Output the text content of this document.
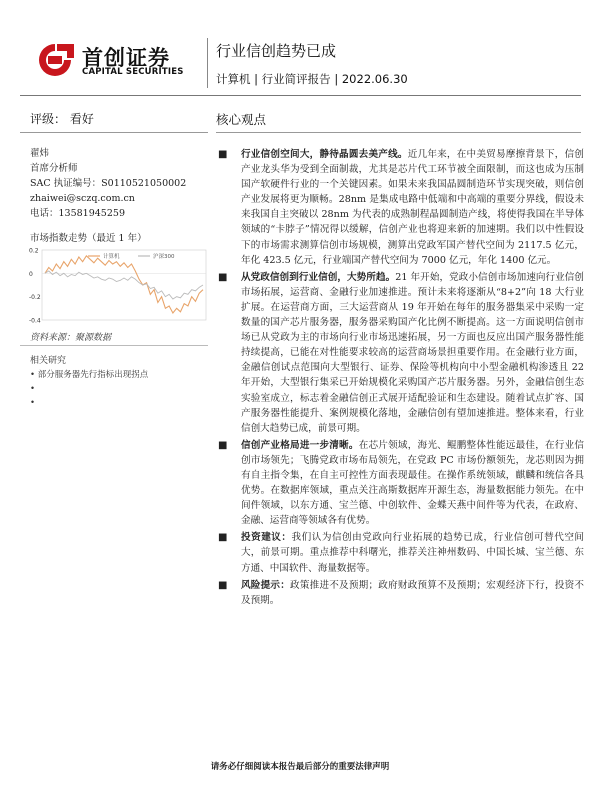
首创证券
CAPITAL SECURITIES
行业信创趋势已成
计算机 | 行业简评报告 | 2022.06.30
评级： 看好	核心观点
翟炜
首席分析师
SAC 执证编号：S0110521050002
zhaiwei@sczq.com.cn
电话：13581945259
市场指数走势（最近 1 年）
0.2
0
-0.2
-0.4
计算机	沪深300
资料来源：聚源数据
相关研究
• 部分服务器先行指标出现拐点
•
•
■ 行业信创空间大，静待晶圆去美产线。近几年来，在中美贸易摩擦背景下，信创产业龙头华为受到全面制裁，尤其是芯片代工环节被全面限制，而这也成为压制国产软硬件行业的一个关键因素。如果未来我国晶圆制造环节实现突破，则信创产业发展将更为顺畅。28nm 是集成电路中低端和中高端的重要分界线，假设未来我国自主突破以 28nm 为代表的成熟制程晶圆制造产线，将使得我国在半导体领域的“卡脖子”情况得以缓解，信创产业也将迎来新的加速期。我们以中性假设下的市场需求测算信创市场规模，测算出党政军国产替代空间为 2117.5 亿元，年化 423.5 亿元，行业端国产替代空间为 7000 亿元，年化 1400 亿元。
■ 从党政信创到行业信创，大势所趋。21 年开始，党政小信创市场加速向行业信创市场拓展，运营商、金融行业加速推进。预计未来将逐渐从“8+2”向 18 大行业扩展。在运营商方面，三大运营商从 19 年开始在每年的服务器集采中采购一定数量的国产芯片服务器，服务器采购国产化比例不断提高。这一方面说明信创市场已从党政为主的市场向行业市场迅速拓展，另一方面也反应出国产服务器性能持续提高，已能在对性能要求较高的运营商场景担重要作用。在金融行业方面，金融信创试点范围向大型银行、证券、保险等机构向中小型金融机构渗透且 22 年开始，大型银行集采已开始规模化采购国产芯片服务器。另外，金融信创生态实验室成立，标志着金融信创正式展开适配验证和生态建设。随着试点扩容、国产服务器性能提升、案例规模化落地，金融信创有望加速推进。整体来看，行业信创大趋势已成，前景可期。
■ 信创产业格局进一步清晰。在芯片领域，海光、鲲鹏整体性能远最佳，在行业信创市场领先；飞腾党政市场布局领先，在党政 PC 市场份额领先，龙芯则因为拥有自主指令集，在自主可控性方面表现最佳。在操作系统领域，麒麟和统信各具优势。在数据库领域，重点关注高斯数据库开源生态，海量数据能力领先。在中间件领域，以东方通、宝兰德、中创软件、金蝶天燕中间件等为代表，在政府、金融、运营商等领域各有优势。
■ 投资建议：我们认为信创由党政向行业拓展的趋势已成，行业信创可替代空间大，前景可期。重点推荐中科曙光，推荐关注神州数码、中国长城、宝兰德、东方通、中国软件、海量数据等。
■ 风险提示：政策推进不及预期；政府财政预算不及预期；宏观经济下行，投资不及预期。
请务必仔细阅读本报告最后部分的重要法律声明
